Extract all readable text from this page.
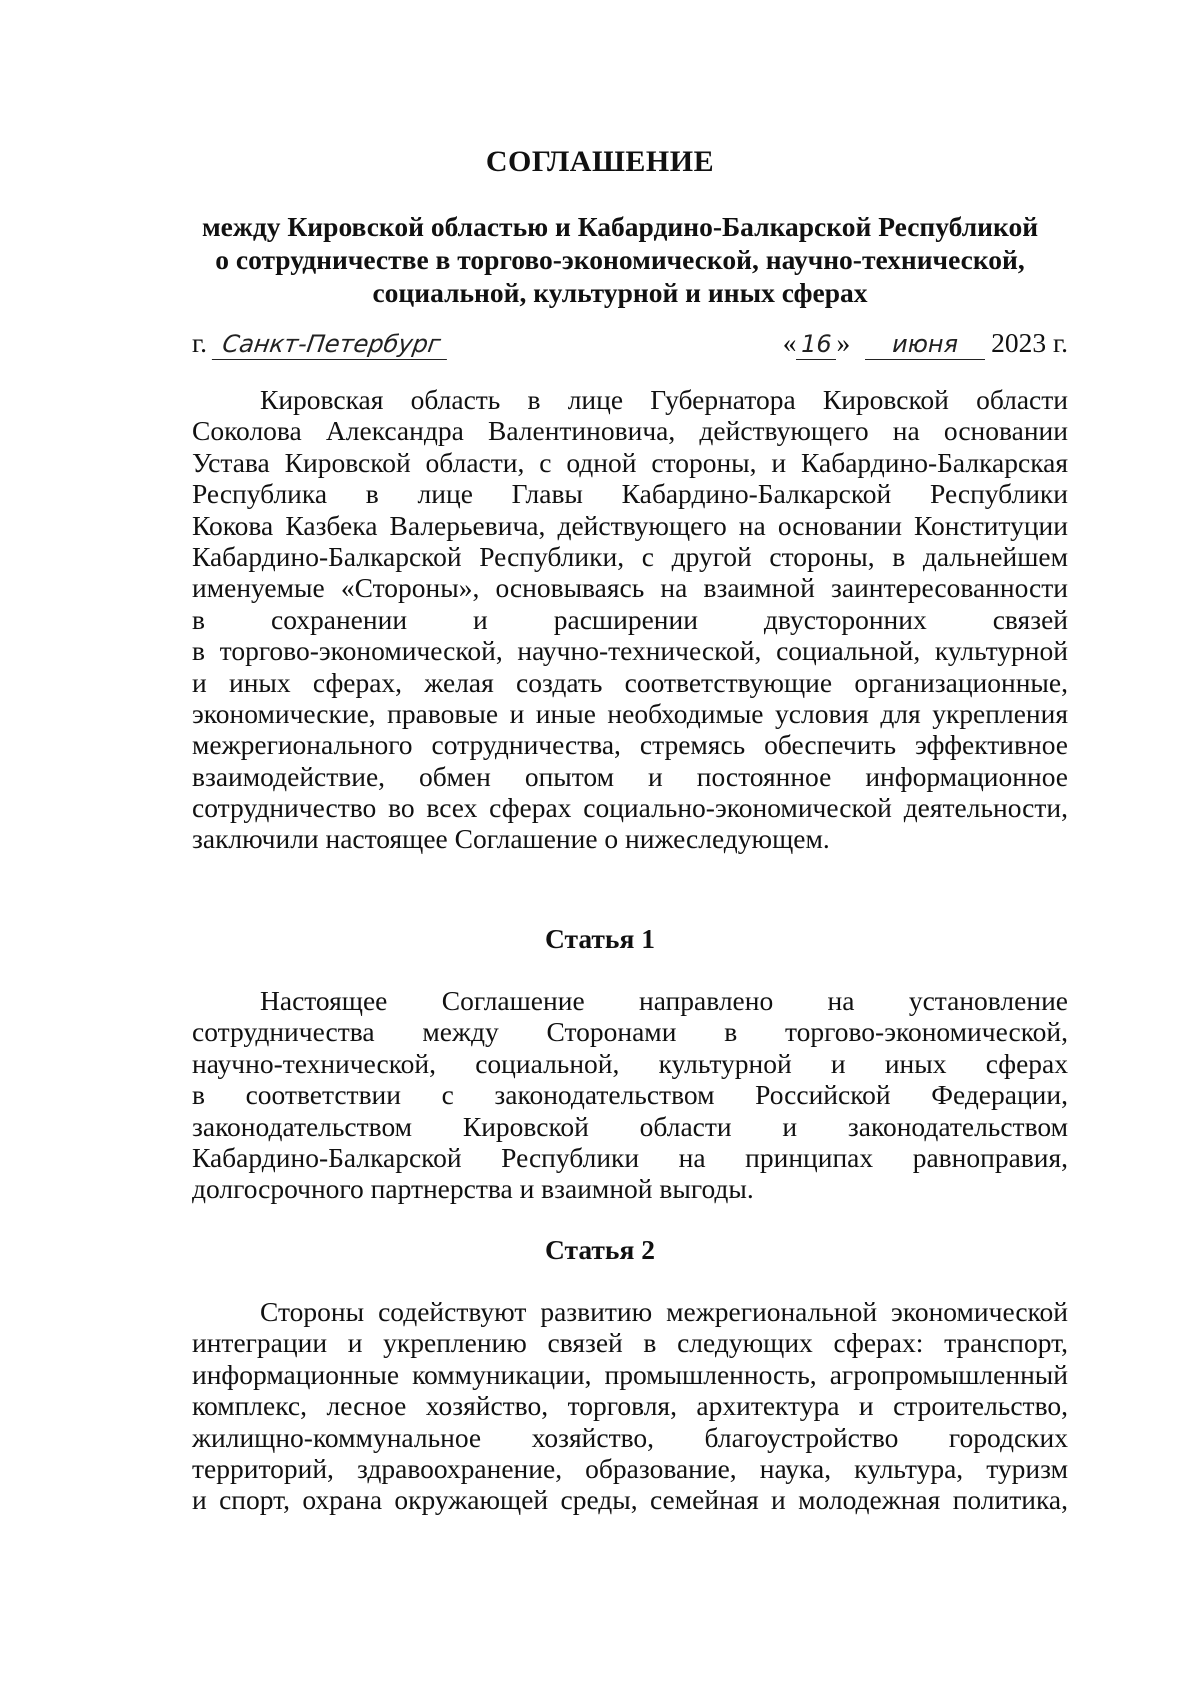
СОГЛАШЕНИЕ
между Кировской областью и Кабардино-Балкарской Республикой
о сотрудничестве в торгово-экономической, научно-технической,
социальной, культурной и иных сферах
г. Санкт-Петербург	« 16 » июня 2023 г.
Кировская область в лице Губернатора Кировской области
Соколова Александра Валентиновича, действующего на основании
Устава Кировской области, с одной стороны, и Кабардино-Балкарская
Республика в лице Главы Кабардино-Балкарской Республики
Кокова Казбека Валерьевича, действующего на основании Конституции
Кабардино-Балкарской Республики, с другой стороны, в дальнейшем
именуемые «Стороны», основываясь на взаимной заинтересованности
в сохранении и расширении двусторонних связей
в торгово-экономической, научно-технической, социальной, культурной
и иных сферах, желая создать соответствующие организационные,
экономические, правовые и иные необходимые условия для укрепления
межрегионального сотрудничества, стремясь обеспечить эффективное
взаимодействие, обмен опытом и постоянное информационное
сотрудничество во всех сферах социально-экономической деятельности,
заключили настоящее Соглашение о нижеследующем.
Статья 1
Настоящее Соглашение направлено на установление
сотрудничества между Сторонами в торгово-экономической,
научно-технической, социальной, культурной и иных сферах
в соответствии с законодательством Российской Федерации,
законодательством Кировской области и законодательством
Кабардино-Балкарской Республики на принципах равноправия,
долгосрочного партнерства и взаимной выгоды.
Статья 2
Стороны содействуют развитию межрегиональной экономической
интеграции и укреплению связей в следующих сферах: транспорт,
информационные коммуникации, промышленность, агропромышленный
комплекс, лесное хозяйство, торговля, архитектура и строительство,
жилищно-коммунальное хозяйство, благоустройство городских
территорий, здравоохранение, образование, наука, культура, туризм
и спорт, охрана окружающей среды, семейная и молодежная политика,
